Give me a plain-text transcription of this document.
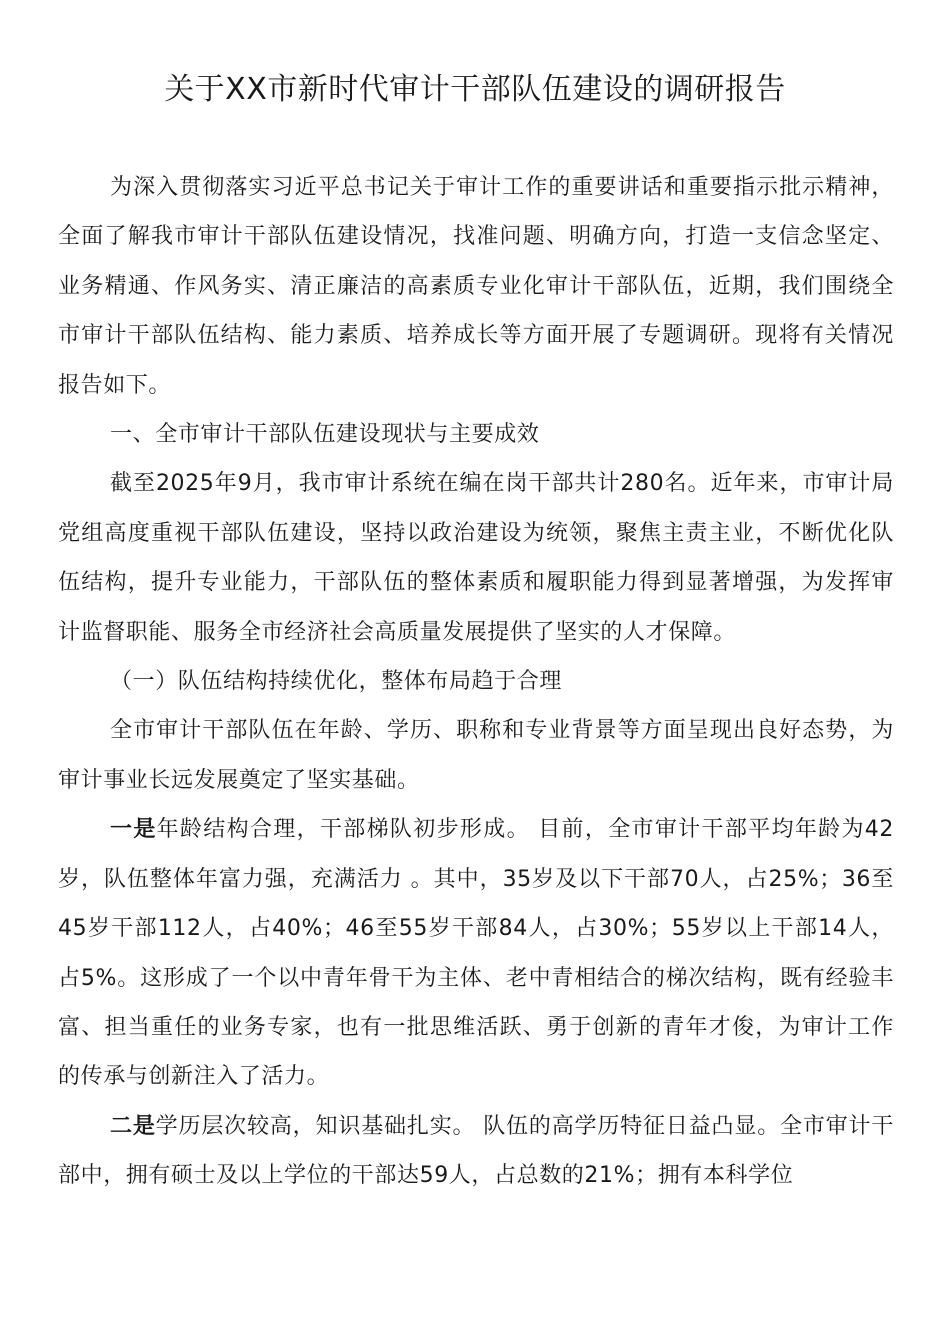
关于XX市新时代审计干部队伍建设的调研报告

为深入贯彻落实习近平总书记关于审计工作的重要讲话和重要指示批示精神，全面了解我市审计干部队伍建设情况，找准问题、明确方向，打造一支信念坚定、业务精通、作风务实、清正廉洁的高素质专业化审计干部队伍，近期，我们围绕全市审计干部队伍结构、能力素质、培养成长等方面开展了专题调研。现将有关情况报告如下。

一、全市审计干部队伍建设现状与主要成效

截至2025年9月，我市审计系统在编在岗干部共计280名。近年来，市审计局党组高度重视干部队伍建设，坚持以政治建设为统领，聚焦主责主业，不断优化队伍结构，提升专业能力，干部队伍的整体素质和履职能力得到显著增强，为发挥审计监督职能、服务全市经济社会高质量发展提供了坚实的人才保障。

（一）队伍结构持续优化，整体布局趋于合理

全市审计干部队伍在年龄、学历、职称和专业背景等方面呈现出良好态势，为审计事业长远发展奠定了坚实基础。

一是年龄结构合理，干部梯队初步形成。 目前，全市审计干部平均年龄为42岁，队伍整体年富力强，充满活力 。其中，35岁及以下干部70人，占25%；36至45岁干部112人，占40%；46至55岁干部84人，占30%；55岁以上干部14人，占5%。这形成了一个以中青年骨干为主体、老中青相结合的梯次结构，既有经验丰富、担当重任的业务专家，也有一批思维活跃、勇于创新的青年才俊，为审计工作的传承与创新注入了活力。

二是学历层次较高，知识基础扎实。 队伍的高学历特征日益凸显。全市审计干部中，拥有硕士及以上学位的干部达59人，占总数的21%；拥有本科学位
